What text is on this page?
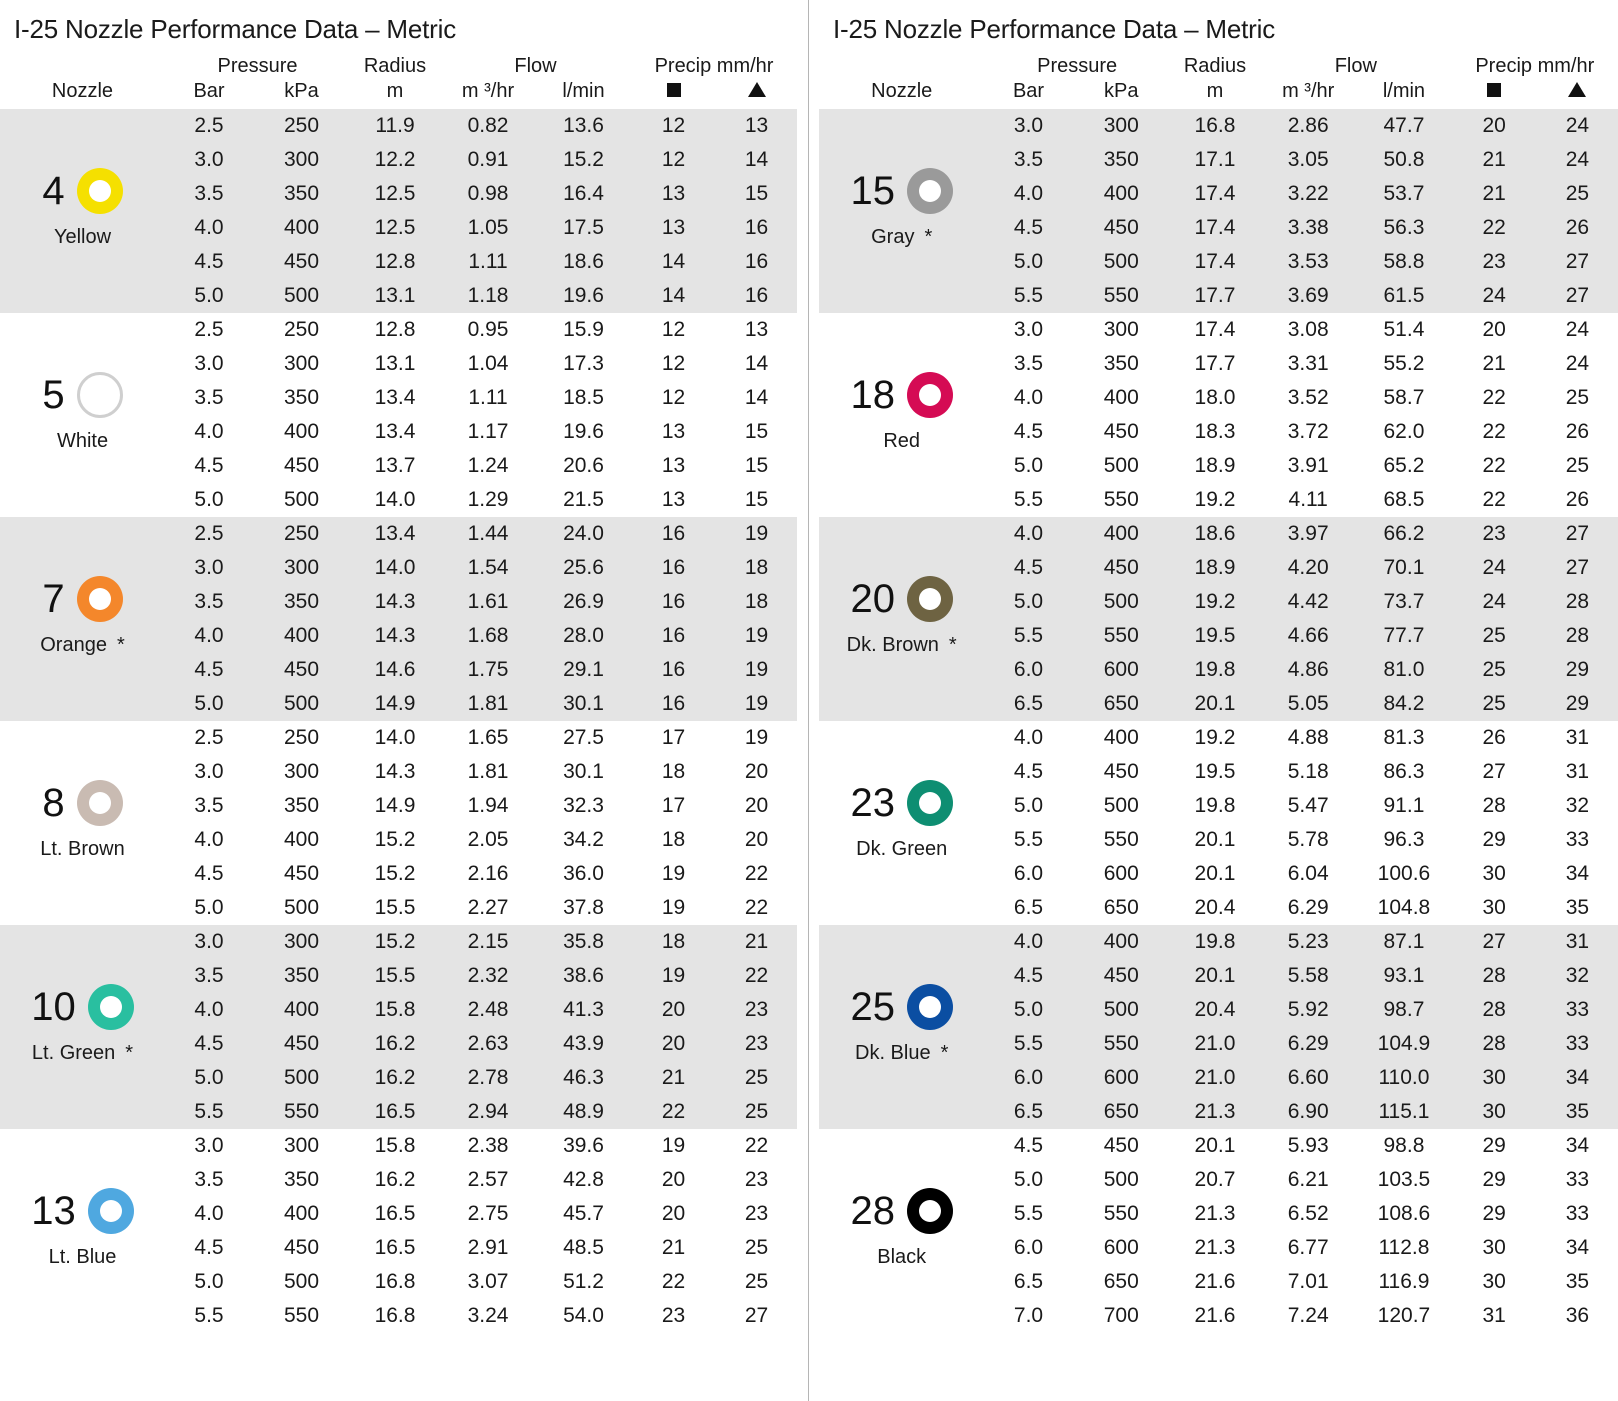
I-25 Nozzle Performance Data – Metric
	Pressure		Radius	Flow		Precip mm/hr	
Nozzle	Bar	kPa	m	m ³/hr	l/min		

4
Yellow	2.5	250	11.9	0.82	13.6	12	13
	3.0	300	12.2	0.91	15.2	12	14
	3.5	350	12.5	0.98	16.4	13	15
	4.0	400	12.5	1.05	17.5	13	16
	4.5	450	12.8	1.11	18.6	14	16
	5.0	500	13.1	1.18	19.6	14	16

5
White	2.5	250	12.8	0.95	15.9	12	13
	3.0	300	13.1	1.04	17.3	12	14
	3.5	350	13.4	1.11	18.5	12	14
	4.0	400	13.4	1.17	19.6	13	15
	4.5	450	13.7	1.24	20.6	13	15
	5.0	500	14.0	1.29	21.5	13	15

7
Orange *	2.5	250	13.4	1.44	24.0	16	19
	3.0	300	14.0	1.54	25.6	16	18
	3.5	350	14.3	1.61	26.9	16	18
	4.0	400	14.3	1.68	28.0	16	19
	4.5	450	14.6	1.75	29.1	16	19
	5.0	500	14.9	1.81	30.1	16	19

8
Lt. Brown	2.5	250	14.0	1.65	27.5	17	19
	3.0	300	14.3	1.81	30.1	18	20
	3.5	350	14.9	1.94	32.3	17	20
	4.0	400	15.2	2.05	34.2	18	20
	4.5	450	15.2	2.16	36.0	19	22
	5.0	500	15.5	2.27	37.8	19	22

10
Lt. Green *	3.0	300	15.2	2.15	35.8	18	21
	3.5	350	15.5	2.32	38.6	19	22
	4.0	400	15.8	2.48	41.3	20	23
	4.5	450	16.2	2.63	43.9	20	23
	5.0	500	16.2	2.78	46.3	21	25
	5.5	550	16.5	2.94	48.9	22	25

13
Lt. Blue	3.0	300	15.8	2.38	39.6	19	22
	3.5	350	16.2	2.57	42.8	20	23
	4.0	400	16.5	2.75	45.7	20	23
	4.5	450	16.5	2.91	48.5	21	25
	5.0	500	16.8	3.07	51.2	22	25
	5.5	550	16.8	3.24	54.0	23	27
I-25 Nozzle Performance Data – Metric
	Pressure		Radius	Flow		Precip mm/hr	
Nozzle	Bar	kPa	m	m ³/hr	l/min		

15
Gray *	3.0	300	16.8	2.86	47.7	20	24
	3.5	350	17.1	3.05	50.8	21	24
	4.0	400	17.4	3.22	53.7	21	25
	4.5	450	17.4	3.38	56.3	22	26
	5.0	500	17.4	3.53	58.8	23	27
	5.5	550	17.7	3.69	61.5	24	27

18
Red	3.0	300	17.4	3.08	51.4	20	24
	3.5	350	17.7	3.31	55.2	21	24
	4.0	400	18.0	3.52	58.7	22	25
	4.5	450	18.3	3.72	62.0	22	26
	5.0	500	18.9	3.91	65.2	22	25
	5.5	550	19.2	4.11	68.5	22	26

20
Dk. Brown *	4.0	400	18.6	3.97	66.2	23	27
	4.5	450	18.9	4.20	70.1	24	27
	5.0	500	19.2	4.42	73.7	24	28
	5.5	550	19.5	4.66	77.7	25	28
	6.0	600	19.8	4.86	81.0	25	29
	6.5	650	20.1	5.05	84.2	25	29

23
Dk. Green	4.0	400	19.2	4.88	81.3	26	31
	4.5	450	19.5	5.18	86.3	27	31
	5.0	500	19.8	5.47	91.1	28	32
	5.5	550	20.1	5.78	96.3	29	33
	6.0	600	20.1	6.04	100.6	30	34
	6.5	650	20.4	6.29	104.8	30	35

25
Dk. Blue *	4.0	400	19.8	5.23	87.1	27	31
	4.5	450	20.1	5.58	93.1	28	32
	5.0	500	20.4	5.92	98.7	28	33
	5.5	550	21.0	6.29	104.9	28	33
	6.0	600	21.0	6.60	110.0	30	34
	6.5	650	21.3	6.90	115.1	30	35

28
Black	4.5	450	20.1	5.93	98.8	29	34
	5.0	500	20.7	6.21	103.5	29	33
	5.5	550	21.3	6.52	108.6	29	33
	6.0	600	21.3	6.77	112.8	30	34
	6.5	650	21.6	7.01	116.9	30	35
	7.0	700	21.6	7.24	120.7	31	36
